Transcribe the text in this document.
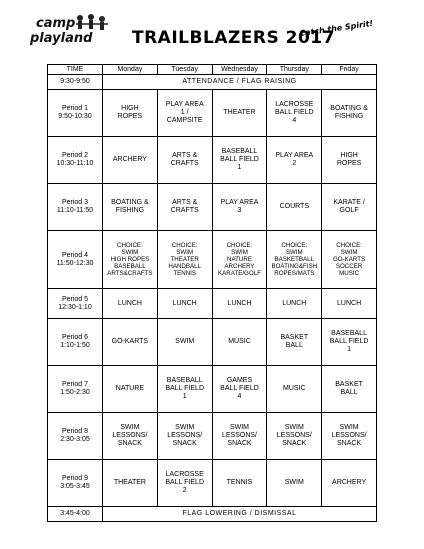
camp
playland TRAILBLAZERS 2017
Catch the Spirit!
TIME	Monday	Tuesday	Wednesday	Thursday	Friday

9:30-9:50	ATTENDANCE / FLAG RAISING				

Period 1
9:50-10:30	HIGH
ROPES	PLAY AREA
1 /
CAMPSITE	THEATER	LACROSSE
BALL FIELD
4	BOATING &
FISHING

Period 2
10:30-11:10	ARCHERY	ARTS &
CRAFTS	BASEBALL
BALL FIELD
1	PLAY AREA
2	HIGH
ROPES

Period 3
11:10-11:50	BOATING &
FISHING	ARTS &
CRAFTS	PLAY AREA
3	COURTS	KARATE /
GOLF

Period 4
11:50-12:30	CHOICE:
SWIM
HIGH ROPES
BASEBALL
ARTS&CRAFTS	CHOICE:
SWIM
THEATER
HANDBALL
TENNIS	CHOICE:
SWIM
NATURE
ARCHERY
KARATE/GOLF	CHOICE:
SWIM
BASKETBALL
BOATING&FISH
ROPES/MATS	CHOICE:
SWIM
GO-KARTS
SOCCER
MUSIC

Period 5
12:30-1:10	LUNCH	LUNCH	LUNCH	LUNCH	LUNCH

Period 6
1:10-1:50	GO-KARTS	SWIM	MUSIC	BASKET
BALL	BASEBALL
BALL FIELD
1

Period 7
1:50-2:30	NATURE	BASEBALL
BALL FIELD
1	GAMES
BALL FIELD
4	MUSIC	BASKET
BALL

Period 8
2:30-3:05	SWIM
LESSONS/
SNACK	SWIM
LESSONS/
SNACK	SWIM
LESSONS/
SNACK	SWIM
LESSONS/
SNACK	SWIM
LESSONS/
SNACK

Period 9
3:05-3:45	THEATER	LACROSSE
BALL FIELD
2	TENNIS	SWIM	ARCHERY

3:45-4:00	FLAG LOWERING / DISMISSAL				
